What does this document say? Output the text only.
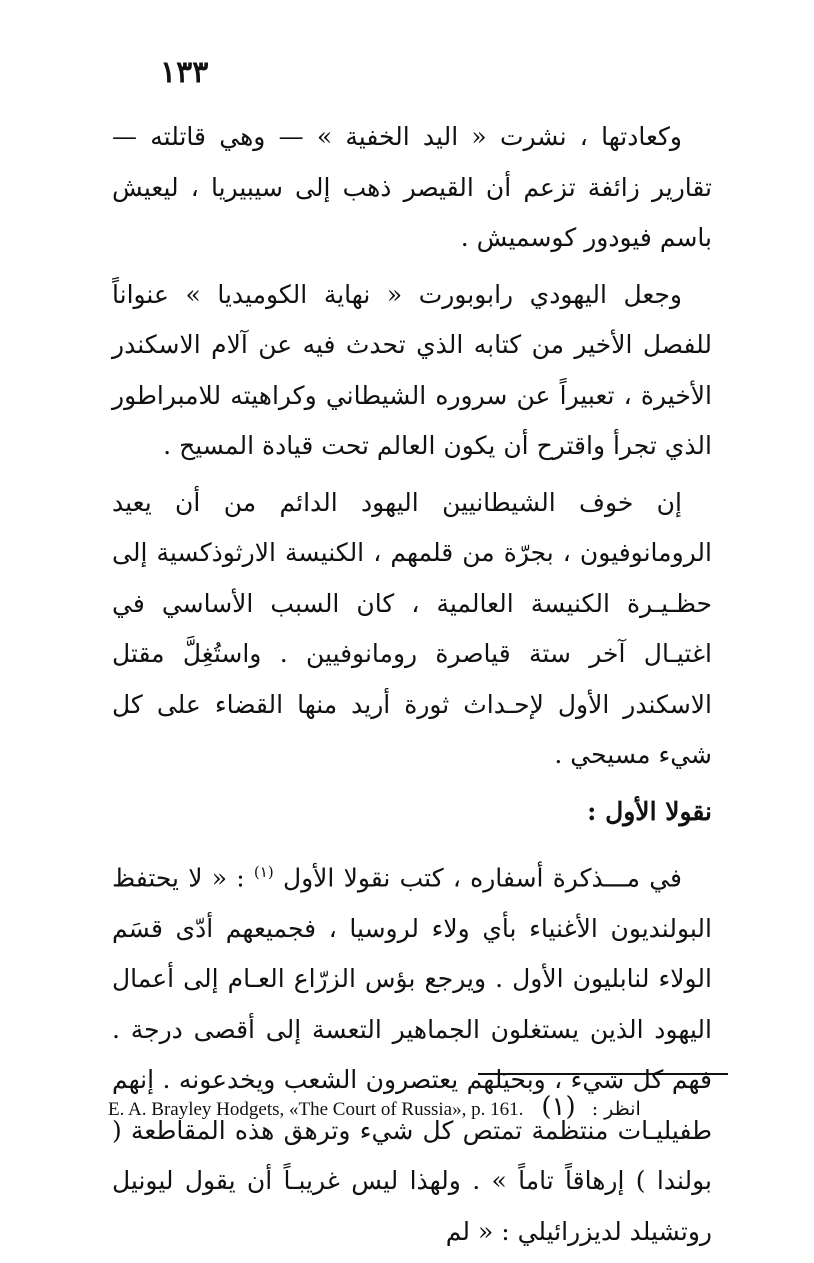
١٣٣

وكعادتها ، نشرت « اليد الخفية » — وهي قاتلته — تقارير زائفة تزعم أن القيصر ذهب إلى سيبيريا ، ليعيش باسم فيودور كوسميش .

وجعل اليهودي رابوبورت « نهاية الكوميديا » عنواناً للفصل الأخير من كتابه الذي تحدث فيه عن آلام الاسكندر الأخيرة ، تعبيراً عن سروره الشيطاني وكراهيته للامبراطور الذي تجرأ واقترح أن يكون العالم تحت قيادة المسيح .

إن خوف الشيطانيين اليهود الدائم من أن يعيد الرومانوفيون ، بجرّة من قلمهم ، الكنيسة الارثوذكسية إلى حظـيـرة الكنيسة العالمية ، كان السبب الأساسي في اغتيـال آخر ستة قياصرة رومانوفيين . واستُغِلَّ مقتل الاسكندر الأول لإحـداث ثورة أريد منها القضاء على كل شيء مسيحي .

نقولا الأول :

في مـــذكرة أسفاره ، كتب نقولا الأول $^{(١)}$ : « لا يحتفظ البولنديون الأغنياء بأي ولاء لروسيا ، فجميعهم أدّى قسَم الولاء لنابليون الأول . ويرجع بؤس الزرّاع العـام إلى أعمال اليهود الذين يستغلون الجماهير التعسة إلى أقصى درجة . فهم كل شيء ، وبحيَلهم يعتصرون الشعب ويخدعونه . إنهم طفيليـات منتظمة تمتص كل شيء وترهق هذه المقاطعة ( بولندا ) إرهاقاً تاماً » . ولهذا ليس غريبـاً أن يقول ليونيل روتشيلد لديزرائيلي : « لم

E. A. Brayley Hodgets, «The Court of Russia», p. 161.	انظر : (١)
